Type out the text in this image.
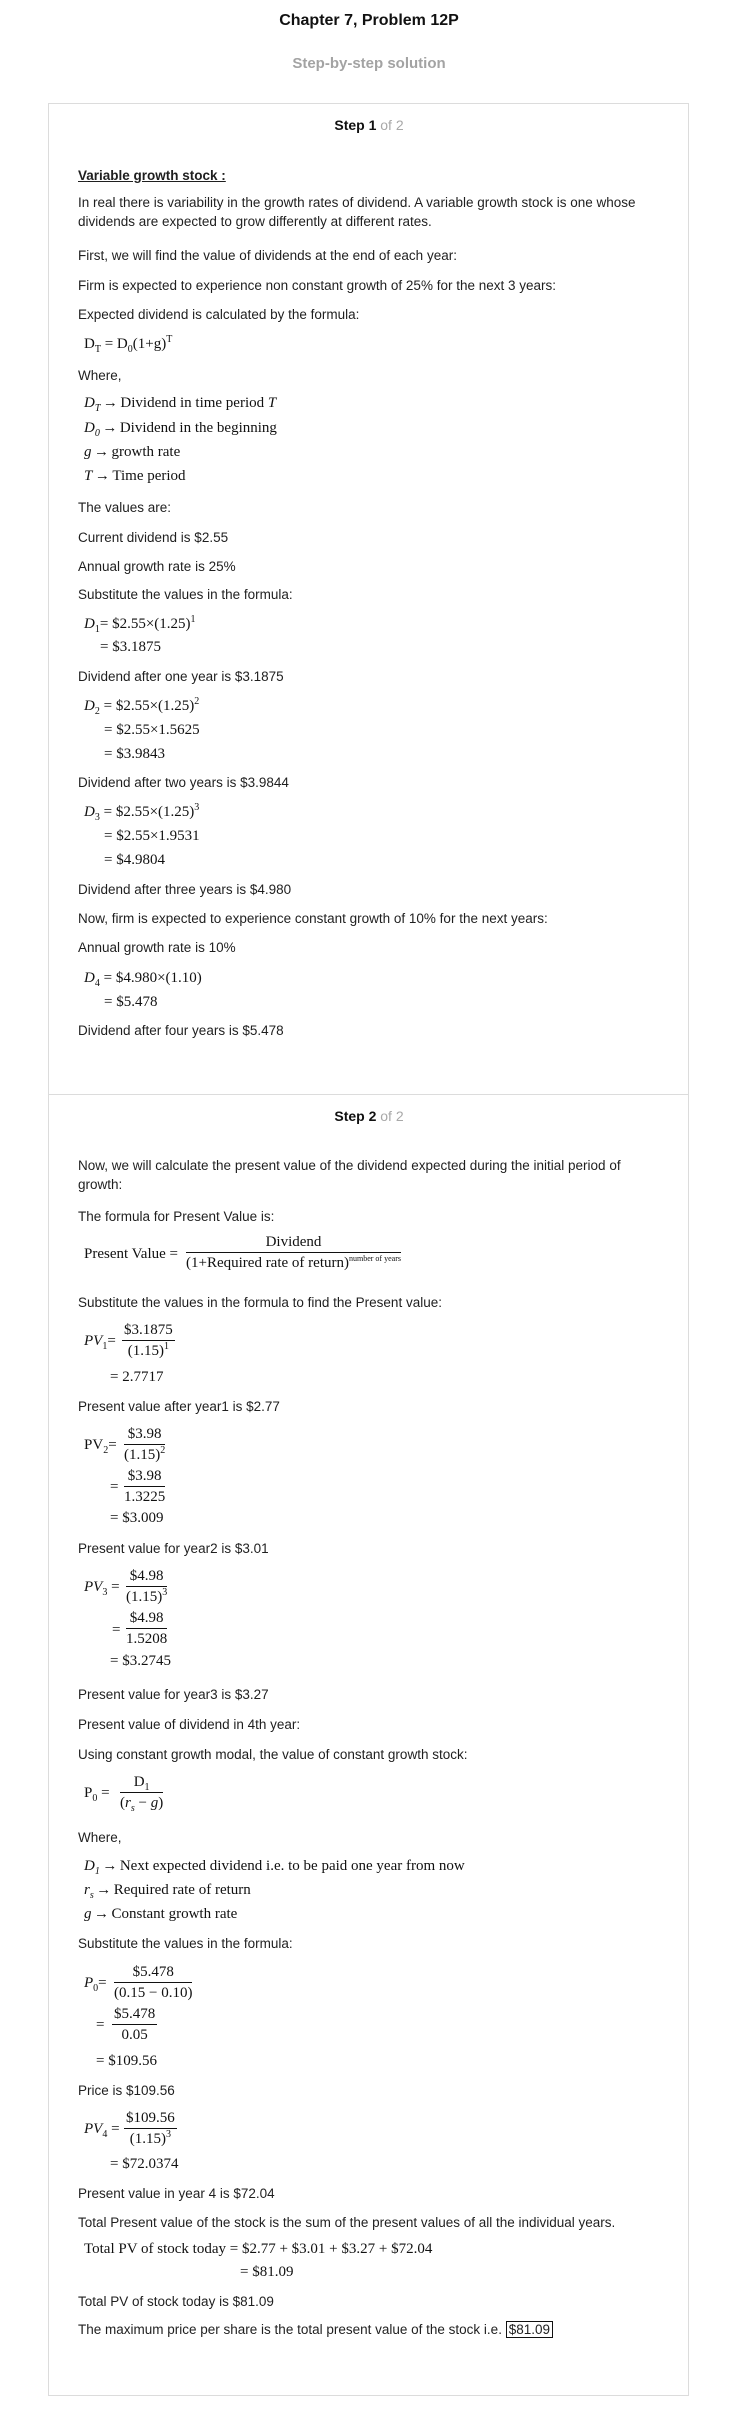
Chapter 7, Problem 12P
Step-by-step solution
Step 1 of 2
Variable growth stock :
In real there is variability in the growth rates of dividend. A variable growth stock is one whose dividends are expected to grow differently at different rates.
First, we will find the value of dividends at the end of each year:
Firm is expected to experience non constant growth of 25% for the next 3 years:
Expected dividend is calculated by the formula:
$D_T = D_0(1+g)^T$
Where,
$D_T$ → Dividend in time period T
$D_0$ → Dividend in the beginning
g → growth rate
T → Time period
The values are:
Current dividend is $2.55
Annual growth rate is 25%
Substitute the values in the formula:
$D_1=$ $\$2.55\times(1.25)^1$
= $3.1875
Dividend after one year is $3.1875
$D_2$ = $\$2.55\times(1.25)^2$
= $2.55×1.5625
= $3.9843
Dividend after two years is $3.9844
$D_3$ = $\$2.55\times(1.25)^3$
= $2.55×1.9531
= $4.9804
Dividend after three years is $4.980
Now, firm is expected to experience constant growth of 10% for the next years:
Annual growth rate is 10%
$D_4$ = $4.980×(1.10)
= $5.478
Dividend after four years is $5.478
Step 2 of 2
Now, we will calculate the present value of the dividend expected during the initial period of growth:
The formula for Present Value is:
Present Value =
Dividend
(1+Required rate of return)$^{number of years}$
Substitute the values in the formula to find the Present value:
$PV_1= \frac{\$3.1875}{(1.15)^1}$
= 2.7717
Present value after year1 is $2.77
$PV_2= \frac{\$3.98}{(1.15)^2}$
= $\frac{\$3.98}{1.3225}$
= $3.009
Present value for year2 is $3.01
$PV_3 = \frac{\$4.98}{(1.15)^3}$
= $\frac{\$4.98}{1.5208}$
= $3.2745
Present value for year3 is $3.27
Present value of dividend in 4th year:
Using constant growth modal, the value of constant growth stock:
$P_0 = \frac{D_1}{(r_s - g)}$
Where,
$D_1$ → Next expected dividend i.e. to be paid one year from now
$r_s$ → Required rate of return
g → Constant growth rate
Substitute the values in the formula:
$P_0= \frac{\$5.478}{(0.15 - 0.10)}$
= $\frac{\$5.478}{0.05}$
= $109.56
Price is $109.56
$PV_4 = \frac{\$109.56}{(1.15)^3}$
= $72.0374
Present value in year 4 is $72.04
Total Present value of the stock is the sum of the present values of all the individual years.
Total PV of stock today = $2.77 + $3.01 + $3.27 + $72.04
= $81.09
Total PV of stock today is $81.09
The maximum price per share is the total present value of the stock i.e. $81.09
